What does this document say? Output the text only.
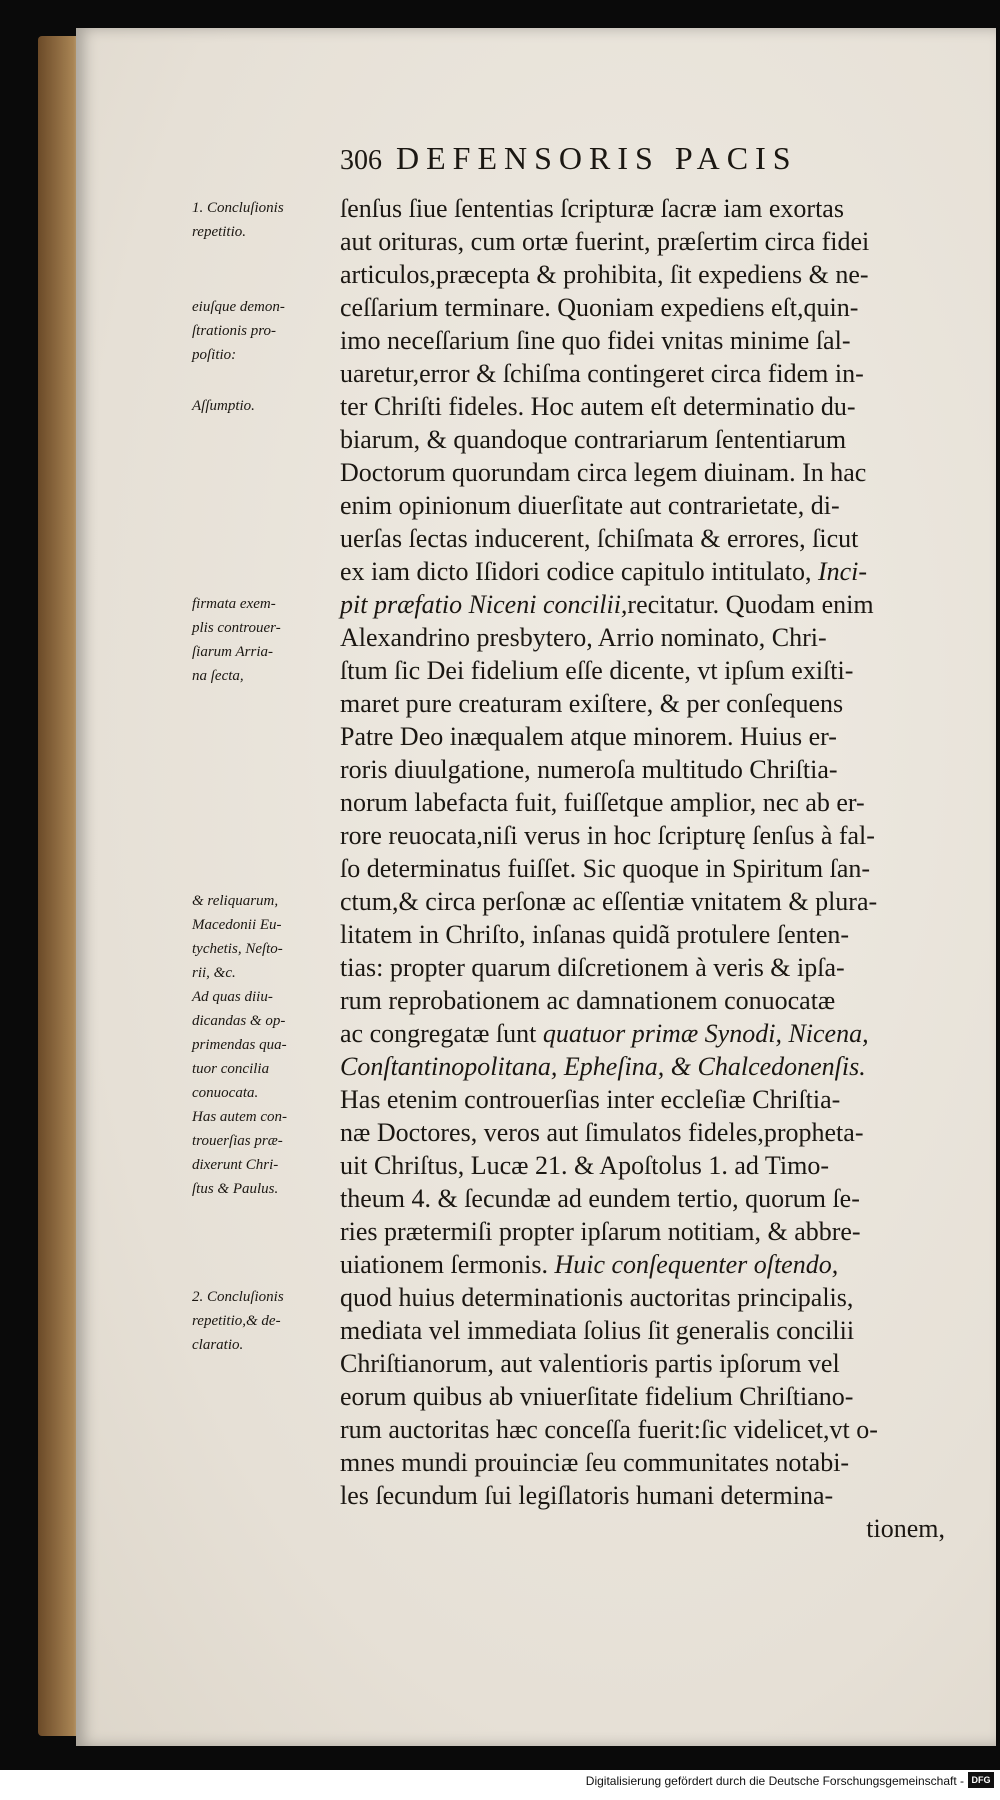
306 DEFENSORIS PACIS
ſenſus ſiue ſententias ſcripturæ ſacræ iam exortas
aut orituras, cum ortæ fuerint, præſertim circa fidei
articulos,præcepta & prohibita, ſit expediens & ne-
ceſſarium terminare. Quoniam expediens eſt,quin-
imo neceſſarium ſine quo fidei vnitas minime ſal-
uaretur,error & ſchiſma contingeret circa fidem in-
ter Chriſti fideles. Hoc autem eſt determinatio du-
biarum, & quandoque contrariarum ſententiarum
Doctorum quorundam circa legem diuinam. In hac
enim opinionum diuerſitate aut contrarietate, di-
uerſas ſectas inducerent, ſchiſmata & errores, ſicut
ex iam dicto Iſidori codice capitulo intitulato, Inci-
pit præfatio Niceni concilii,recitatur. Quodam enim
Alexandrino presbytero, Arrio nominato, Chri-
ſtum ſic Dei fidelium eſſe dicente, vt ipſum exiſti-
maret pure creaturam exiſtere, & per conſequens
Patre Deo inæqualem atque minorem. Huius er-
roris diuulgatione, numeroſa multitudo Chriſtia-
norum labefacta fuit, fuiſſetque amplior, nec ab er-
rore reuocata,niſi verus in hoc ſcripturę ſenſus à fal-
ſo determinatus fuiſſet. Sic quoque in Spiritum ſan-
ctum,& circa perſonæ ac eſſentiæ vnitatem & plura-
litatem in Chriſto, inſanas quidã protulere ſenten-
tias: propter quarum diſcretionem à veris & ipſa-
rum reprobationem ac damnationem conuocatæ
ac congregatæ ſunt quatuor primæ Synodi, Nicena,
Conſtantinopolitana, Epheſina, & Chalcedonenſis.
Has etenim controuerſias inter eccleſiæ Chriſtia-
næ Doctores, veros aut ſimulatos fideles,propheta-
uit Chriſtus, Lucæ 21. & Apoſtolus 1. ad Timo-
theum 4. & ſecundæ ad eundem tertio, quorum ſe-
ries prætermiſi propter ipſarum notitiam, & abbre-
uiationem ſermonis. Huic conſequenter oſtendo,
quod huius determinationis auctoritas principalis,
mediata vel immediata ſolius ſit generalis concilii
Chriſtianorum, aut valentioris partis ipſorum vel
eorum quibus ab vniuerſitate fidelium Chriſtiano-
rum auctoritas hæc conceſſa fuerit:ſic videlicet,vt o-
mnes mundi prouinciæ ſeu communitates notabi-
les ſecundum ſui legiſlatoris humani determina-
tionem,
1. Concluſionis
repetitio.
eiuſque demon-
ſtrationis pro-
poſitio:
Aſſumptio.
firmata exem-
plis controuer-
ſiarum Arria-
na ſecta,
& reliquarum,
Macedonii Eu-
tychetis, Neſto-
rii, &c.
Ad quas diiu-
dicandas & op-
primendas qua-
tuor concilia
conuocata.
Has autem con-
trouerſias præ-
dixerunt Chri-
ſtus & Paulus.
2. Concluſionis
repetitio,& de-
claratio.
Digitalisierung gefördert durch die Deutsche Forschungsgemeinschaft - DFG
